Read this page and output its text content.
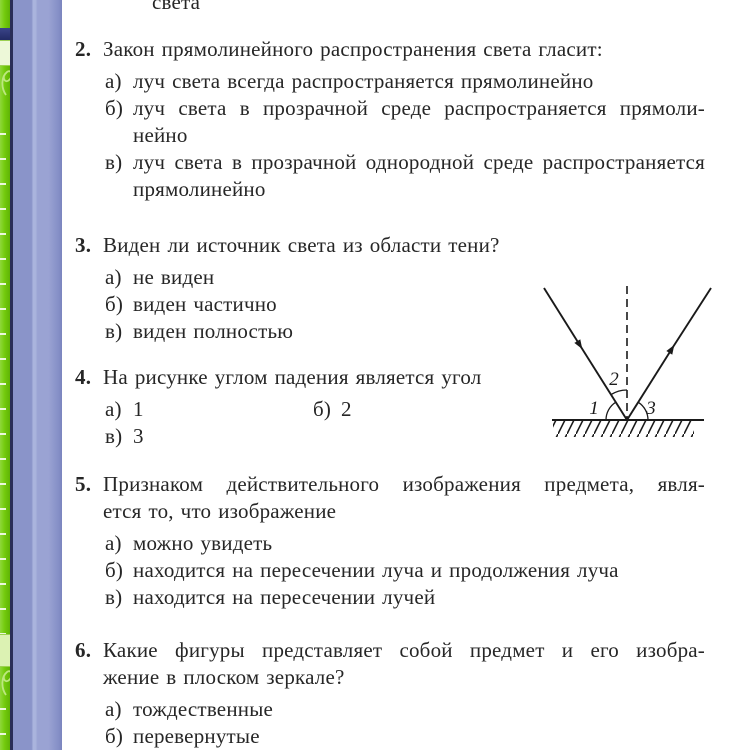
света
2. Закон прямолинейного распространения света гласит:
а) луч света всегда распространяется прямолинейно
б) луч света в прозрачной среде распространяется прямоли-
нейно
в) луч света в прозрачной однородной среде распространяется
прямолинейно
3. Виден ли источник света из области тени?
а) не виден
б) виден частично
в) виден полностью
4. На рисунке углом падения является угол
а) 1	б) 2
в) 3
5. Признаком действительного изображения предмета, явля-
ется то, что изображение
а) можно увидеть
б) находится на пересечении луча и продолжения луча
в) находится на пересечении лучей
6. Какие фигуры представляет собой предмет и его изобра-
жение в плоском зеркале?
а) тождественные
б) перевернутые
1
2
3
